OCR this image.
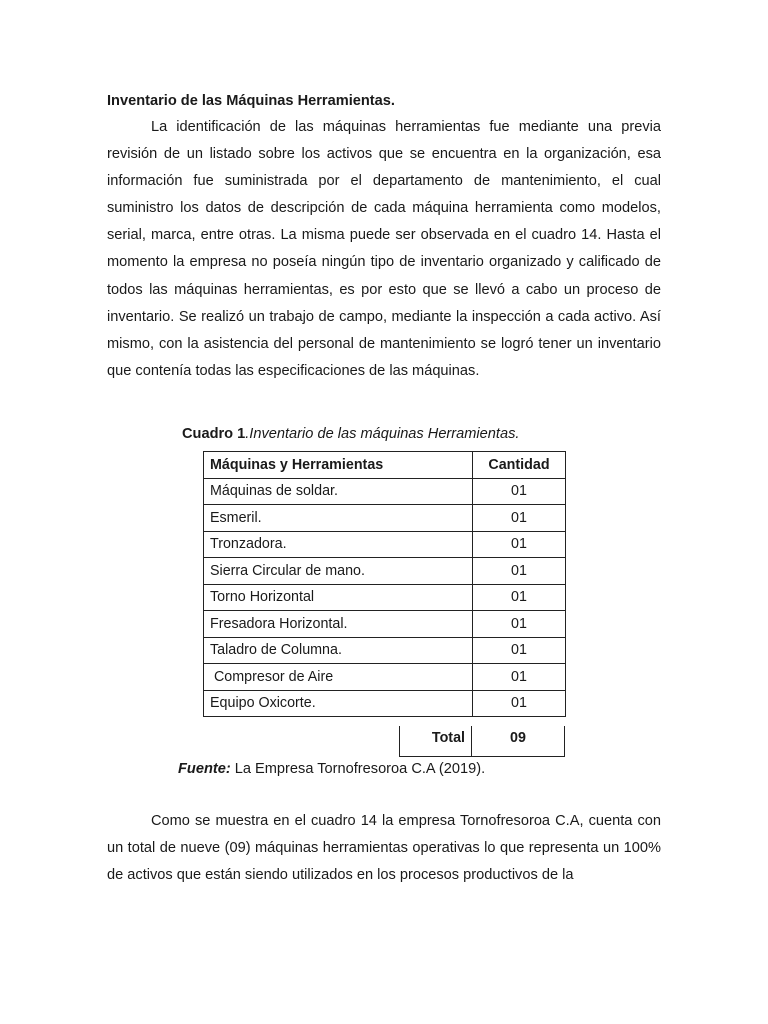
Inventario de las Máquinas Herramientas.

La identificación de las máquinas herramientas fue mediante una previa revisión de un listado sobre los activos que se encuentra en la organización, esa información fue suministrada por el departamento de mantenimiento, el cual suministro los datos de descripción de cada máquina herramienta como modelos, serial, marca, entre otras. La misma puede ser observada en el cuadro 14. Hasta el momento la empresa no poseía ningún tipo de inventario organizado y calificado de todos las máquinas herramientas, es por esto que se llevó a cabo un proceso de inventario. Se realizó un trabajo de campo, mediante la inspección a cada activo. Así mismo, con la asistencia del personal de mantenimiento se logró tener un inventario que contenía todas las especificaciones de las máquinas.

Cuadro 1.Inventario de las máquinas Herramientas.
Máquinas y Herramientas	Cantidad
Máquinas de soldar.	01
Esmeril.	01
Tronzadora.	01
Sierra Circular de mano.	01
Torno Horizontal	01
Fresadora Horizontal.	01
Taladro de Columna.	01
Compresor de Aire	01
Equipo Oxicorte.	01
Total	09
Fuente: La Empresa Tornofresoroa C.A (2019).

Como se muestra en el cuadro 14 la empresa Tornofresoroa C.A, cuenta con un total de nueve (09) máquinas herramientas operativas lo que representa un 100% de activos que están siendo utilizados en los procesos productivos de la
